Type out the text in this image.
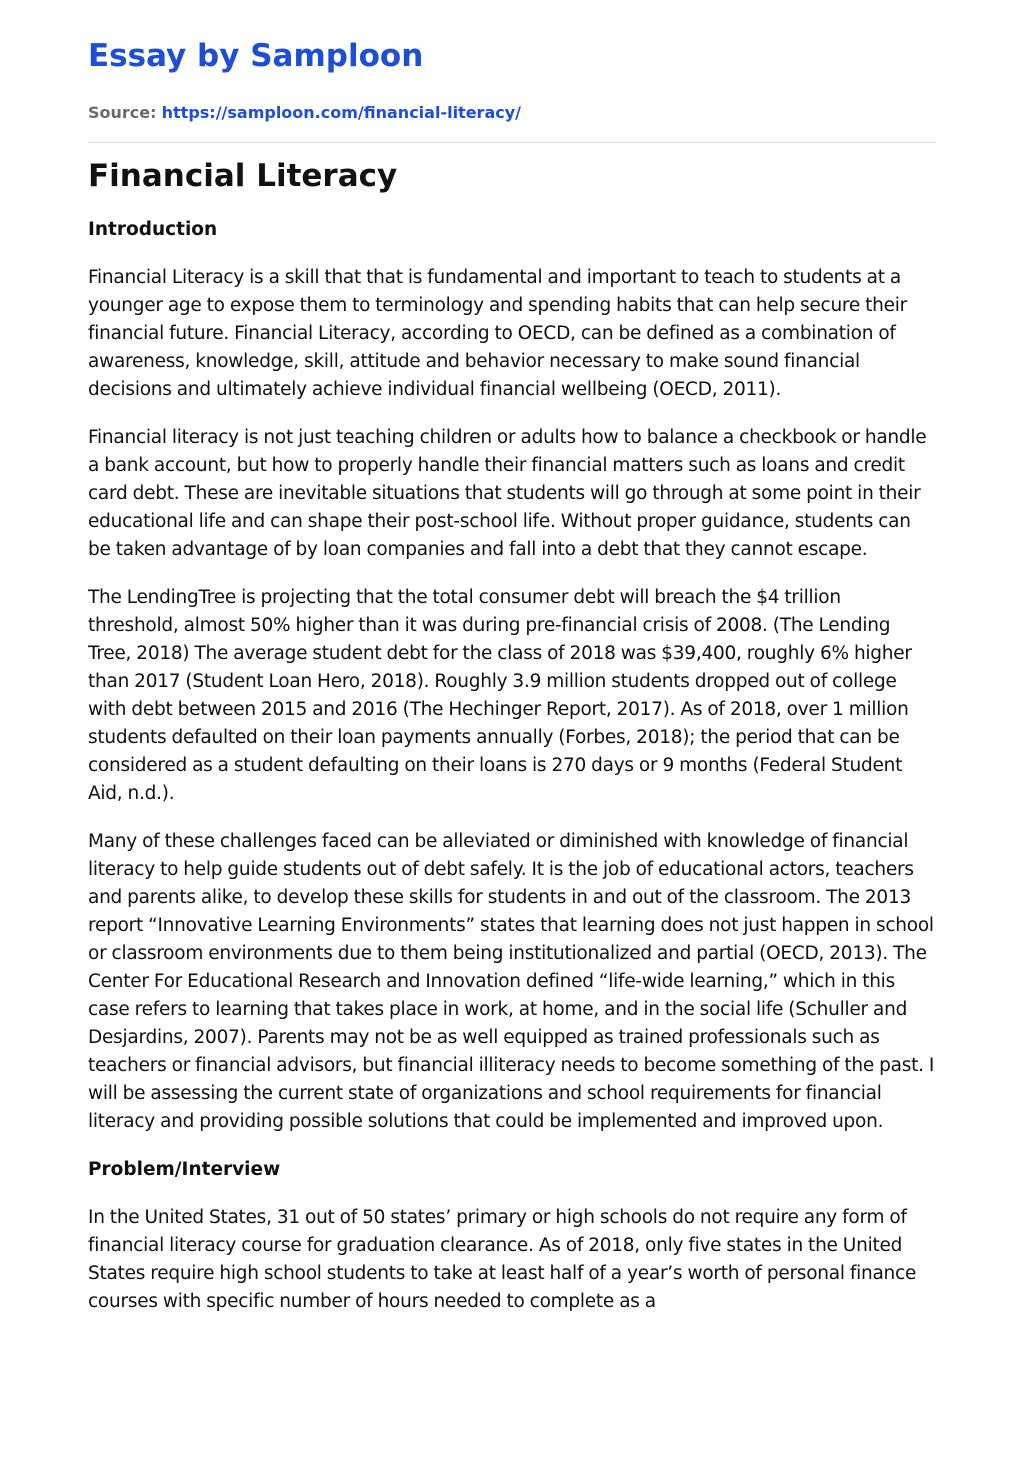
Essay by Samploon
Source: https://samploon.com/financial-literacy/
Financial Literacy
Introduction

Financial Literacy is a skill that that is fundamental and important to teach to students at a younger age to expose them to terminology and spending habits that can help secure their financial future. Financial Literacy, according to OECD, can be defined as a combination of awareness, knowledge, skill, attitude and behavior necessary to make sound financial decisions and ultimately achieve individual financial wellbeing (OECD, 2011).

Financial literacy is not just teaching children or adults how to balance a checkbook or handle a bank account, but how to properly handle their financial matters such as loans and credit card debt. These are inevitable situations that students will go through at some point in their educational life and can shape their post-school life. Without proper guidance, students can be taken advantage of by loan companies and fall into a debt that they cannot escape.

The LendingTree is projecting that the total consumer debt will breach the $4 trillion threshold, almost 50% higher than it was during pre-financial crisis of 2008. (The Lending Tree, 2018) The average student debt for the class of 2018 was $39,400, roughly 6% higher than 2017 (Student Loan Hero, 2018). Roughly 3.9 million students dropped out of college with debt between 2015 and 2016 (The Hechinger Report, 2017). As of 2018, over 1 million students defaulted on their loan payments annually (Forbes, 2018); the period that can be considered as a student defaulting on their loans is 270 days or 9 months (Federal Student Aid, n.d.).

Many of these challenges faced can be alleviated or diminished with knowledge of financial literacy to help guide students out of debt safely. It is the job of educational actors, teachers and parents alike, to develop these skills for students in and out of the classroom. The 2013 report “Innovative Learning Environments” states that learning does not just happen in school or classroom environments due to them being institutionalized and partial (OECD, 2013). The Center For Educational Research and Innovation defined “life-wide learning,” which in this case refers to learning that takes place in work, at home, and in the social life (Schuller and Desjardins, 2007). Parents may not be as well equipped as trained professionals such as teachers or financial advisors, but financial illiteracy needs to become something of the past. I will be assessing the current state of organizations and school requirements for financial literacy and providing possible solutions that could be implemented and improved upon.

Problem/Interview

In the United States, 31 out of 50 states’ primary or high schools do not require any form of financial literacy course for graduation clearance. As of 2018, only five states in the United States require high school students to take at least half of a year’s worth of personal finance courses with specific number of hours needed to complete as a
